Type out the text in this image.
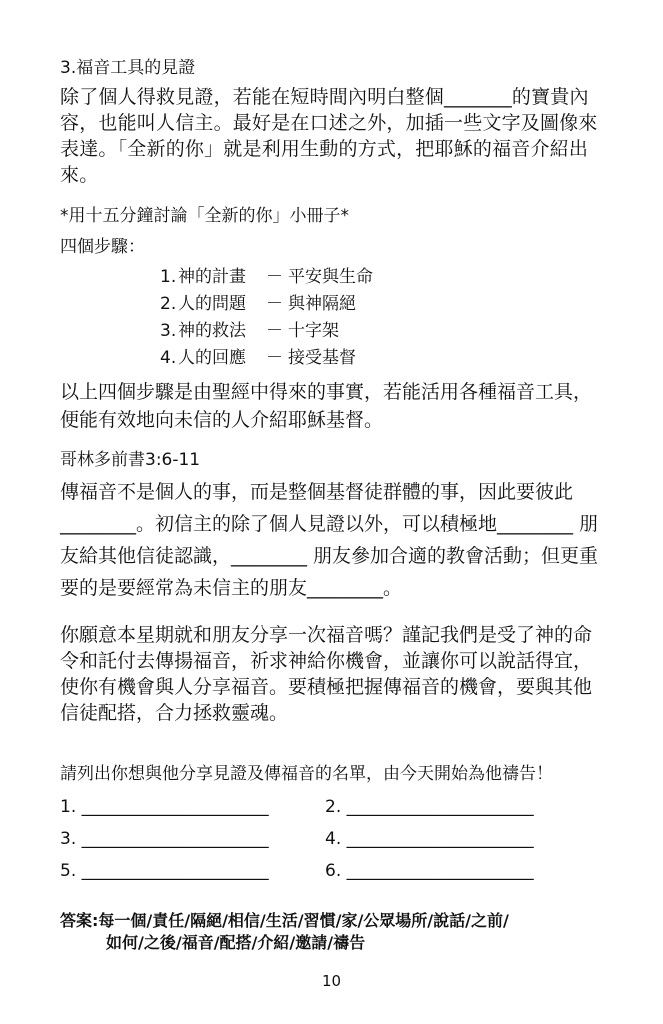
3.福音工具的見證

除了個人得救見證，若能在短時間內明白整個_______的寶貴內容，也能叫人信主。最好是在口述之外，加插一些文字及圖像來表達。「全新的你」就是利用生動的方式，把耶穌的福音介紹出來。

*用十五分鐘討論「全新的你」小冊子*

四個步驟：

1. 神的計畫	－ 平安與生命
2. 人的問題	－ 與神隔絕
3. 神的救法	－ 十字架
4. 人的回應	－ 接受基督

以上四個步驟是由聖經中得來的事實，若能活用各種福音工具，便能有效地向未信的人介紹耶穌基督。

哥林多前書3:6-11

傳福音不是個人的事，而是整個基督徒群體的事，因此要彼此________。初信主的除了個人見證以外，可以積極地________ 朋友給其他信徒認識，________ 朋友參加合適的教會活動；但更重要的是要經常為未信主的朋友________。

你願意本星期就和朋友分享一次福音嗎？謹記我們是受了神的命令和託付去傳揚福音，祈求神給你機會，並讓你可以說話得宜，使你有機會與人分享福音。要積極把握傳福音的機會，要與其他信徒配搭，合力拯救靈魂。

請列出你想與他分享見證及傳福音的名單，由今天開始為他禱告！

1. ______________________	2. ______________________
3. ______________________	4. ______________________
5. ______________________	6. ______________________
答案:每一個/責任/隔絕/相信/生活/習慣/家/公眾場所/說話/之前/
如何/之後/福音/配搭/介紹/邀請/禱告
10
